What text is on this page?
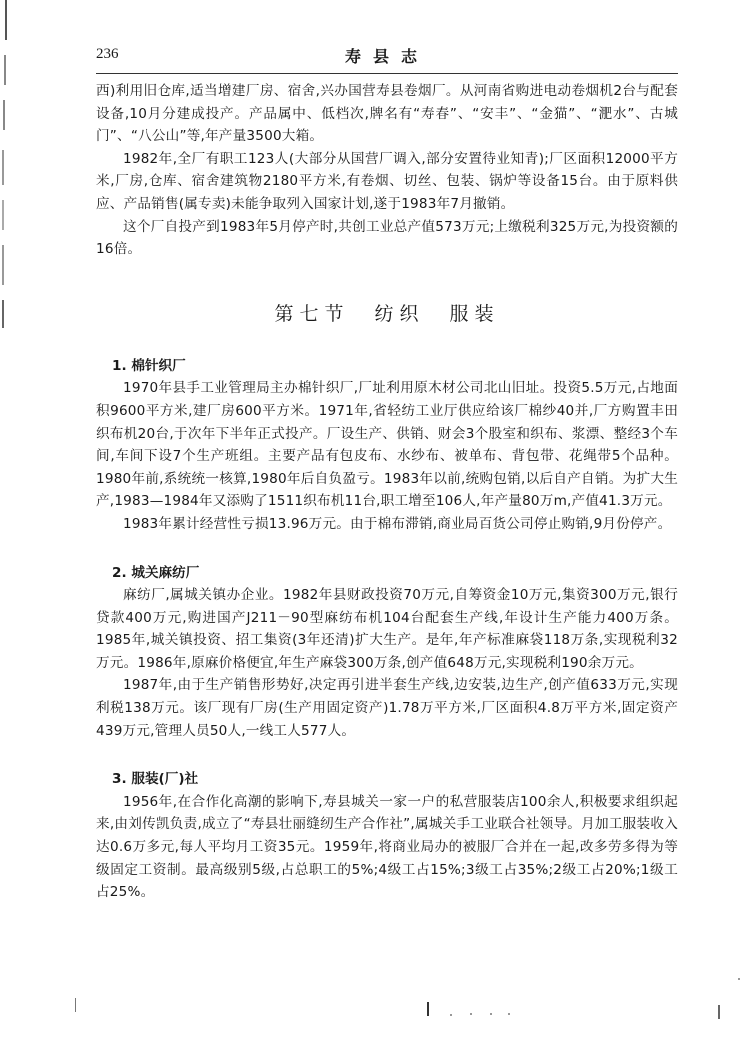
236	寿县志

西)利用旧仓库,适当增建厂房、宿舍,兴办国营寿县卷烟厂。从河南省购进电动卷烟机2台与配套设备,10月分建成投产。产品属中、低档次,牌名有“寿春”、“安丰”、“金猫”、“淝水”、古城门”、“八公山”等,年产量3500大箱。

1982年,全厂有职工123人(大部分从国营厂调入,部分安置待业知青);厂区面积12000平方米,厂房,仓库、宿舍建筑物2180平方米,有卷烟、切丝、包装、锅炉等设备15台。由于原料供应、产品销售(属专卖)未能争取列入国家计划,遂于1983年7月撤销。

这个厂自投产到1983年5月停产时,共创工业总产值573万元;上缴税利325万元,为投资额的16倍。

第七节　纺织　服装
1. 棉针织厂

1970年县手工业管理局主办棉针织厂,厂址利用原木材公司北山旧址。投资5.5万元,占地面积9600平方米,建厂房600平方米。1971年,省轻纺工业厅供应给该厂棉纱40并,厂方购置丰田织布机20台,于次年下半年正式投产。厂设生产、供销、财会3个股室和织布、浆漂、整经3个车间,车间下设7个生产班组。主要产品有包皮布、水纱布、被单布、背包带、花绳带5个品种。1980年前,系统统一核算,1980年后自负盈亏。1983年以前,统购包销,以后自产自销。为扩大生产,1983—1984年又添购了1511织布机11台,职工增至106人,年产量80万m,产值41.3万元。

1983年累计经营性亏损13.96万元。由于棉布滞销,商业局百货公司停止购销,9月份停产。

2. 城关麻纺厂

麻纺厂,属城关镇办企业。1982年县财政投资70万元,自筹资金10万元,集资300万元,银行贷款400万元,购进国产J211－90型麻纺布机104台配套生产线,年设计生产能力400万条。1985年,城关镇投资、招工集资(3年还清)扩大生产。是年,年产标准麻袋118万条,实现税利32万元。1986年,原麻价格便宜,年生产麻袋300万条,创产值648万元,实现税利190余万元。

1987年,由于生产销售形势好,决定再引进半套生产线,边安装,边生产,创产值633万元,实现利税138万元。该厂现有厂房(生产用固定资产)1.78万平方米,厂区面积4.8万平方米,固定资产439万元,管理人员50人,一线工人577人。

3. 服装(厂)社

1956年,在合作化高潮的影响下,寿县城关一家一户的私营服装店100余人,积极要求组织起来,由刘传凯负责,成立了“寿县壮丽缝纫生产合作社”,属城关手工业联合社领导。月加工服装收入达0.6万多元,每人平均月工资35元。1959年,将商业局办的被服厂合并在一起,改多劳多得为等级固定工资制。最高级别5级,占总职工的5%;4级工占15%;3级工占35%;2级工占20%;1级工占25%。
